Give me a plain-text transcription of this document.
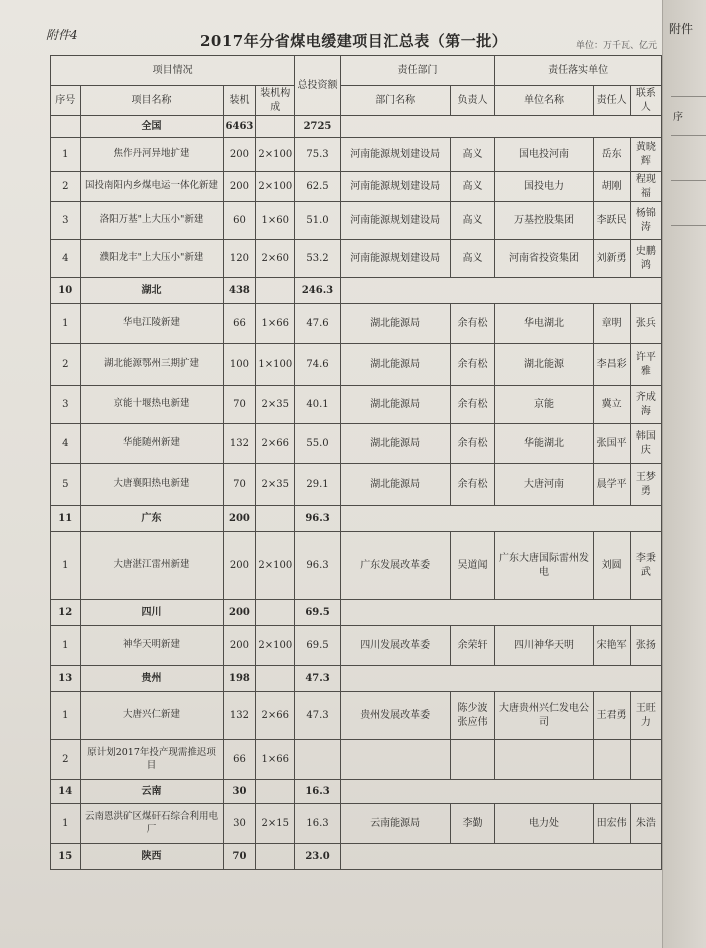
附件4	2017年分省煤电缓建项目汇总表（第一批）	单位：万千瓦、亿元
项目情况				总投资额	责任部门		责任落实单位		
序号	项目名称	装机	装机构成		部门名称	负责人	单位名称	责任人	联系人
	全国	6463		2725					
1	焦作丹河异地扩建	200	2×100	75.3	河南能源规划建设局	高义	国电投河南	岳东	黄晓辉
2	国投南阳内乡煤电运一体化新建	200	2×100	62.5	河南能源规划建设局	高义	国投电力	胡刚	程现福
3	洛阳万基"上大压小"新建	60	1×60	51.0	河南能源规划建设局	高义	万基控股集团	李跃民	杨锦涛
4	濮阳龙丰"上大压小"新建	120	2×60	53.2	河南能源规划建设局	高义	河南省投资集团	刘新勇	史鹏鸿
10	湖北	438		246.3					
1	华电江陵新建	66	1×66	47.6	湖北能源局	余有松	华电湖北	章明	张兵
2	湖北能源鄂州三期扩建	100	1×100	74.6	湖北能源局	余有松	湖北能源	李昌彩	许平雅
3	京能十堰热电新建	70	2×35	40.1	湖北能源局	余有松	京能	冀立	齐成海
4	华能随州新建	132	2×66	55.0	湖北能源局	余有松	华能湖北	张国平	韩国庆
5	大唐襄阳热电新建	70	2×35	29.1	湖北能源局	余有松	大唐河南	晨学平	王梦勇
11	广东	200		96.3					
1	大唐湛江雷州新建	200	2×100	96.3	广东发展改革委	吴道闻	广东大唐国际雷州发电	刘圆	李秉武
12	四川	200		69.5					
1	神华天明新建	200	2×100	69.5	四川发展改革委	余荣轩	四川神华天明	宋艳军	张扬
13	贵州	198		47.3					
1	大唐兴仁新建	132	2×66	47.3	贵州发展改革委	陈少波 张应伟	大唐贵州兴仁发电公司	王君勇	王旺力
2	原计划2017年投产现需推迟项目	66	1×66						
14	云南	30		16.3					
1	云南恩洪矿区煤矸石综合利用电厂	30	2×15	16.3	云南能源局	李勤	电力处	田宏伟	朱浩
15	陕西	70		23.0					
附件
序
